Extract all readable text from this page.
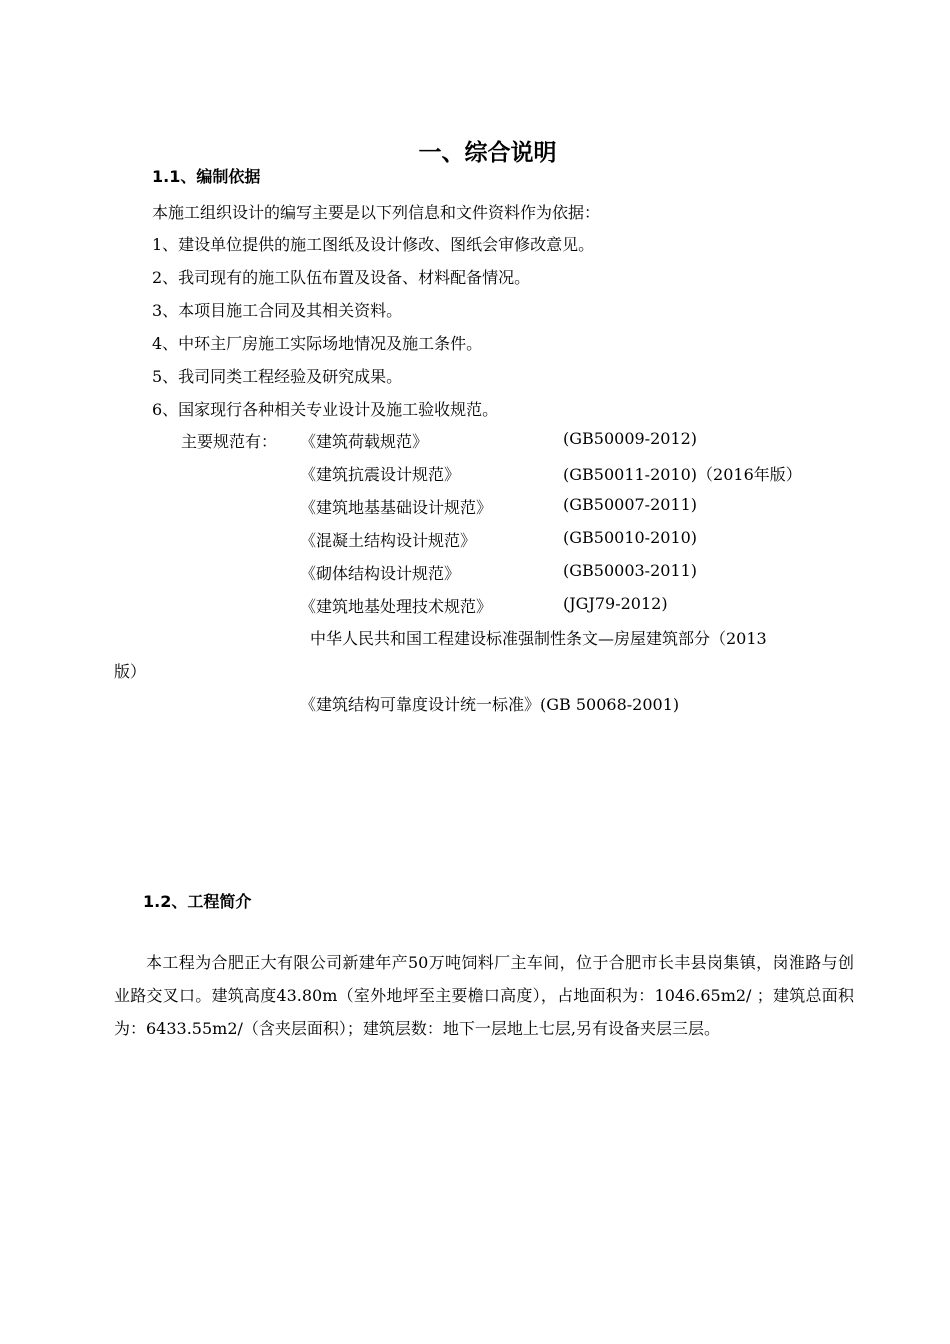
一、综合说明
1.1、编制依据
本施工组织设计的编写主要是以下列信息和文件资料作为依据：
1、建设单位提供的施工图纸及设计修改、图纸会审修改意见。
2、我司现有的施工队伍布置及设备、材料配备情况。
3、本项目施工合同及其相关资料。
4、中环主厂房施工实际场地情况及施工条件。
5、我司同类工程经验及研究成果。
6、国家现行各种相关专业设计及施工验收规范。
主要规范有： 《建筑荷载规范》	(GB50009-2012)
《建筑抗震设计规范》	(GB50011-2010)（2016年版）
《建筑地基基础设计规范》	(GB50007-2011)
《混凝土结构设计规范》	(GB50010-2010)
《砌体结构设计规范》	(GB50003-2011)
《建筑地基处理技术规范》	(JGJ79-2012)
中华人民共和国工程建设标准强制性条文—房屋建筑部分（2013
版）
《建筑结构可靠度设计统一标准》(GB 50068-2001)
1.2、工程简介
本工程为合肥正大有限公司新建年产50万吨饲料厂主车间，位于合肥市长丰县岗集镇，岗淮路与创业路交叉口。建筑高度43.80m（室外地坪至主要檐口高度），占地面积为：1046.65m2/ ；建筑总面积为：6433.55m2/（含夹层面积）；建筑层数：地下一层地上七层,另有设备夹层三层。
